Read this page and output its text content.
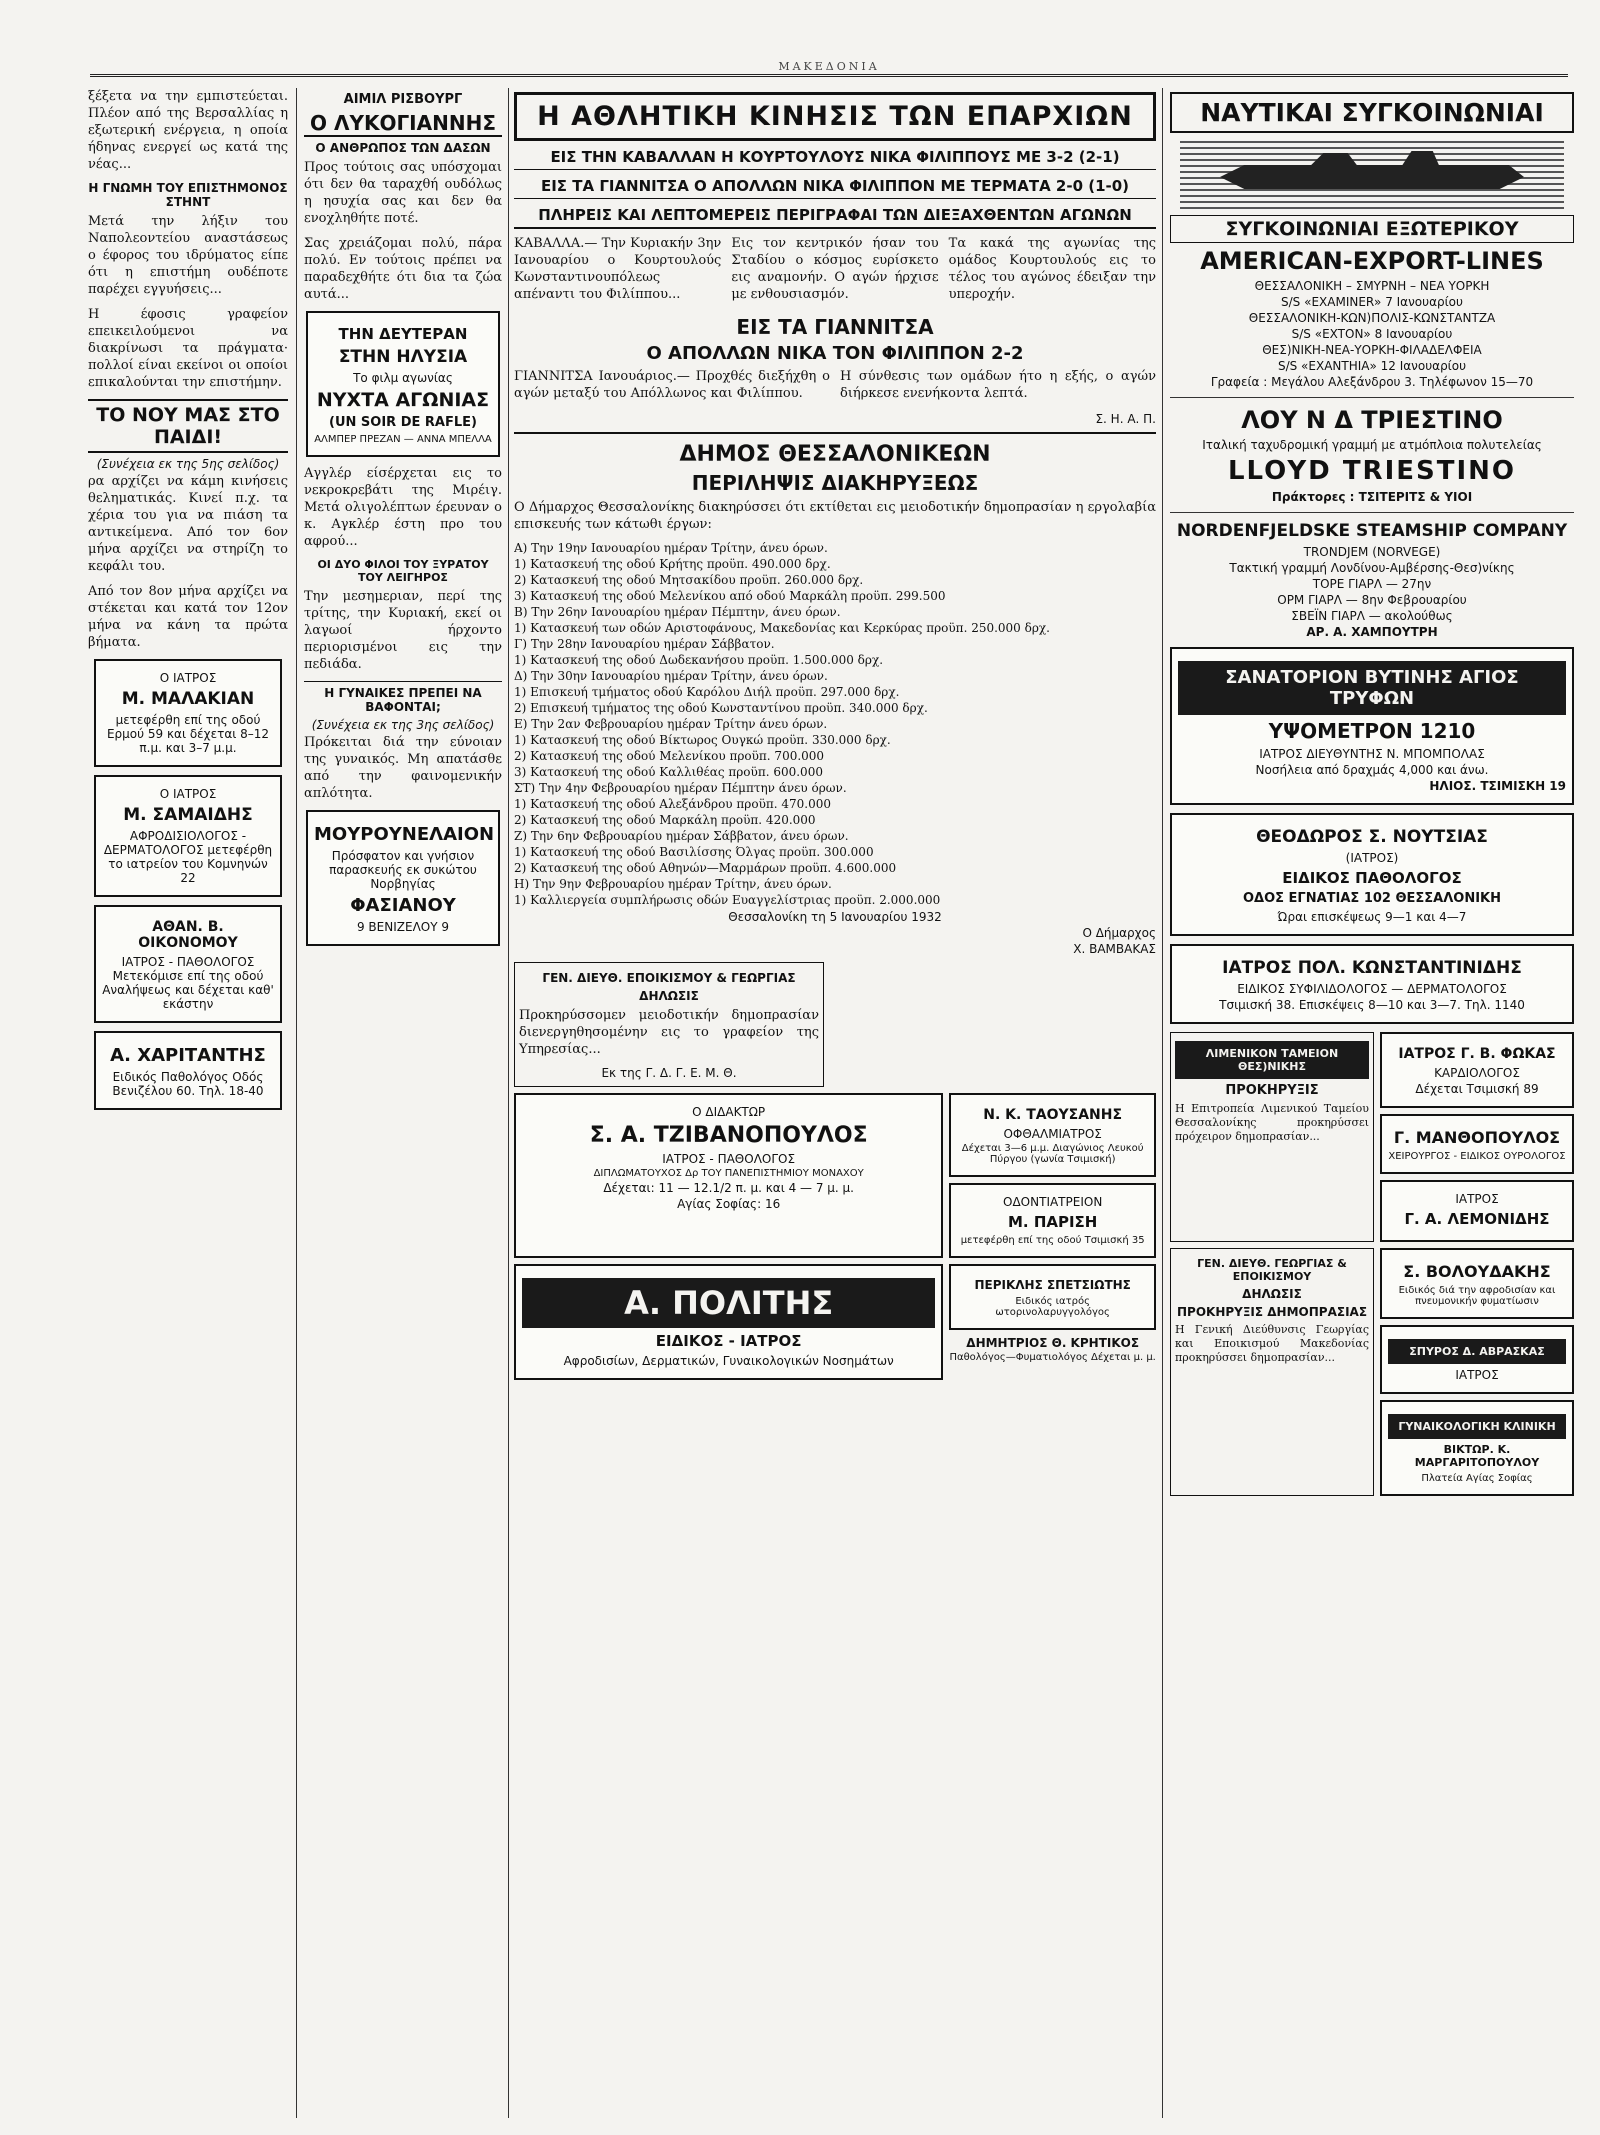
ΜΑΚΕΔΟΝΙΑ

ξέξετα να την εμπιστεύεται. Πλέον από της Βερσαλλίας η εξωτερική ενέργεια, η οποία ήδηνας ενεργεί ως κατά της νέας...

Η ΓΝΩΜΗ ΤΟΥ ΕΠΙΣΤΗΜΟΝΟΣ ΣΤΗΝΤ

Μετά την λήξιν του Ναπολεοντείου αναστάσεως ο έφορος του ιδρύματος είπε ότι η επιστήμη ουδέποτε παρέχει εγγυήσεις...

Η έφοσις γραφείον επεικειλούμενοι να διακρίνωσι τα πράγματα· πολλοί είναι εκείνοι οι οποίοι επικαλούνται την επιστήμην.

ΤΟ ΝΟΥ ΜΑΣ ΣΤΟ ΠΑΙΔΙ!
(Συνέχεια εκ της 5ης σελίδος)

ρα αρχίζει να κάμη κινήσεις θεληματικάς. Κινεί π.χ. τα χέρια του για να πιάση τα αντικείμενα. Από τον 6ον μήνα αρχίζει να στηρίζη το κεφάλι του.

Από τον 8ον μήνα αρχίζει να στέκεται και κατά τον 12ον μήνα να κάνη τα πρώτα βήματα.

Ο ΙΑΤΡΟΣ
Μ. ΜΑΛΑΚΙΑΝ
μετεφέρθη επί της οδού Ερμού 59 και δέχεται 8–12 π.μ. και 3–7 μ.μ.
Ο ΙΑΤΡΟΣ
Μ. ΣΑΜΑΙΔΗΣ
ΑΦΡΟΔΙΣΙΟΛΟΓΟΣ - ΔΕΡΜΑΤΟΛΟΓΟΣ μετεφέρθη το ιατρείον του Κομνηνών 22
ΑΘΑΝ. Β. ΟΙΚΟΝΟΜΟΥ
ΙΑΤΡΟΣ - ΠΑΘΟΛΟΓΟΣ Μετεκόμισε επί της οδού Αναλήψεως και δέχεται καθ' εκάστην
Α. ΧΑΡΙΤΑΝΤΗΣ
Ειδικός Παθολόγος Οδός Βενιζέλου 60. Τηλ. 18-40
ΑΙΜΙΛ ΡΙΣΒΟΥΡΓ
Ο ΛΥΚΟΓΙΑΝΝΗΣ
Ο ΑΝΘΡΩΠΟΣ ΤΩΝ ΔΑΣΩΝ

Προς τούτοις σας υπόσχομαι ότι δεν θα ταραχθή ουδόλως η ησυχία σας και δεν θα ενοχληθήτε ποτέ.

Σας χρειάζομαι πολύ, πάρα πολύ. Εν τούτοις πρέπει να παραδεχθήτε ότι δια τα ζώα αυτά...

ΤΗΝ ΔΕΥΤΕΡΑΝ
ΣΤΗΝ ΗΛΥΣΙΑ
Το φιλμ αγωνίας
ΝΥΧΤΑ ΑΓΩΝΙΑΣ
(UN SOIR DE RAFLE)
ΑΛΜΠΕΡ ΠΡΕΖΑΝ — ΑΝΝΑ ΜΠΕΛΛΑ

Αγγλέρ είσέρχεται εις το νεκροκρεβάτι της Μιρέιγ. Μετά ολιγολέπτων έρευναν ο κ. Αγκλέρ έστη προ του αφρού...

ΟΙ ΔΥΟ ΦΙΛΟΙ ΤΟΥ ΞΥΡΑΤΟΥ ΤΟΥ ΛΕΙΓΗΡΟΣ

Την μεσημεριαν, περί της τρίτης, την Κυριακή, εκεί οι λαγωοί ήρχοντο περιορισμένοι εις την πεδιάδα.

Η ΓΥΝΑΙΚΕΣ ΠΡΕΠΕΙ ΝΑ ΒΑΦΟΝΤΑΙ;
(Συνέχεια εκ της 3ης σελίδος)

Πρόκειται διά την εύνοιαν της γυναικός. Μη απατάσθε από την φαινομενικήν απλότητα.

ΜΟΥΡΟΥΝΕΛΑΙΟΝ
Πρόσφατον και γνήσιον παρασκευής εκ συκώτου Νορβηγίας
ΦΑΣΙΑΝΟΥ
9 ΒΕΝΙΖΕΛΟΥ 9
Η ΑΘΛΗΤΙΚΗ ΚΙΝΗΣΙΣ ΤΩΝ ΕΠΑΡΧΙΩΝ
ΕΙΣ ΤΗΝ ΚΑΒΑΛΛΑΝ Η ΚΟΥΡΤΟΥΛΟΥΣ ΝΙΚΑ ΦΙΛΙΠΠΟΥΣ ΜΕ 3-2 (2-1)
ΕΙΣ ΤΑ ΓΙΑΝΝΙΤΣΑ Ο ΑΠΟΛΛΩΝ ΝΙΚΑ ΦΙΛΙΠΠΟΝ ΜΕ ΤΕΡΜΑΤΑ 2-0 (1-0)
ΠΛΗΡΕΙΣ ΚΑΙ ΛΕΠΤΟΜΕΡΕΙΣ ΠΕΡΙΓΡΑΦΑΙ ΤΩΝ ΔΙΕΞΑΧΘΕΝΤΩΝ ΑΓΩΝΩΝ

ΚΑΒΑΛΛΑ.— Την Κυριακήν 3ην Ιανουαρίου ο Κουρτουλούς Κωνσταντινουπόλεως απέναντι του Φιλίππου...

Εις τον κεντρικόν ήσαν του Σταδίου ο κόσμος ευρίσκετο εις αναμονήν. Ο αγών ήρχισε με ενθουσιασμόν.

Τα κακά της αγωνίας της ομάδος Κουρτουλούς εις το τέλος του αγώνος έδειξαν την υπεροχήν.

ΕΙΣ ΤΑ ΓΙΑΝΝΙΤΣΑ
Ο ΑΠΟΛΛΩΝ ΝΙΚΑ ΤΟΝ ΦΙΛΙΠΠΟΝ 2-2

ΓΙΑΝΝΙΤΣΑ Ιανουάριος.— Προχθές διεξήχθη ο αγών μεταξύ του Απόλλωνος και Φιλίππου.

Η σύνθεσις των ομάδων ήτο η εξής, ο αγών διήρκεσε ενενήκοντα λεπτά.

Σ. Η. Α. Π.
ΔΗΜΟΣ ΘΕΣΣΑΛΟΝΙΚΕΩΝ
ΠΕΡΙΛΗΨΙΣ ΔΙΑΚΗΡΥΞΕΩΣ

Ο Δήμαρχος Θεσσαλονίκης διακηρύσσει ότι εκτίθεται εις μειοδοτικήν δημοπρασίαν η εργολαβία επισκευής των κάτωθι έργων:

Α) Την 19ην Ιανουαρίου ημέραν Τρίτην, άνευ όρων.

1) Κατασκευή της οδού Κρήτης προϋπ. 490.000 δρχ.

2) Κατασκευή της οδού Μητσακίδου προϋπ. 260.000 δρχ.

3) Κατασκευή της οδού Μελενίκου από οδού Μαρκάλη προϋπ. 299.500

Β) Την 26ην Ιανουαρίου ημέραν Πέμπτην, άνευ όρων.

1) Κατασκευή των οδών Αριστοφάνους, Μακεδονίας και Κερκύρας προϋπ. 250.000 δρχ.

Γ) Την 28ην Ιανουαρίου ημέραν Σάββατον.

1) Κατασκευή της οδού Δωδεκανήσου προϋπ. 1.500.000 δρχ.

Δ) Την 30ην Ιανουαρίου ημέραν Τρίτην, άνευ όρων.

1) Επισκευή τμήματος οδού Καρόλου Διήλ προϋπ. 297.000 δρχ.

2) Επισκευή τμήματος της οδού Κωνσταντίνου προϋπ. 340.000 δρχ.

Ε) Την 2αν Φεβρουαρίου ημέραν Τρίτην άνευ όρων.

1) Κατασκευή της οδού Βίκτωρος Ουγκώ προϋπ. 330.000 δρχ.

2) Κατασκευή της οδού Μελενίκου προϋπ. 700.000

3) Κατασκευή της οδού Καλλιθέας προϋπ. 600.000

ΣΤ) Την 4ην Φεβρουαρίου ημέραν Πέμπτην άνευ όρων.

1) Κατασκευή της οδού Αλεξάνδρου προϋπ. 470.000

2) Κατασκευή της οδού Μαρκάλη προϋπ. 420.000

Ζ) Την 6ην Φεβρουαρίου ημέραν Σάββατον, άνευ όρων.

1) Κατασκευή της οδού Βασιλίσσης Όλγας προϋπ. 300.000

2) Κατασκευή της οδού Αθηνών—Μαρμάρων προϋπ. 4.600.000

Η) Την 9ην Φεβρουαρίου ημέραν Τρίτην, άνευ όρων.

1) Καλλιεργεία συμπλήρωσις οδών Ευαγγελίστριας προϋπ. 2.000.000

Θεσσαλονίκη τη 5 Ιανουαρίου 1932
Ο Δήμαρχος
Χ. ΒΑΜΒΑΚΑΣ
ΓΕΝ. ΔΙΕΥΘ. ΕΠΟΙΚΙΣΜΟΥ & ΓΕΩΡΓΙΑΣ
ΔΗΛΩΣΙΣ

Προκηρύσσομεν μειοδοτικήν δημοπρασίαν διενεργηθησομένην εις το γραφείον της Υπηρεσίας...

Εκ της Γ. Δ. Γ. Ε. Μ. Θ.
Ο ΔΙΔΑΚΤΩΡ
Σ. Α. ΤΖΙΒΑΝΟΠΟΥΛΟΣ
ΙΑΤΡΟΣ - ΠΑΘΟΛΟΓΟΣ
ΔΙΠΛΩΜΑΤΟΥΧΟΣ Δρ ΤΟΥ ΠΑΝΕΠΙΣΤΗΜΙΟΥ ΜΟΝΑΧΟΥ
Δέχεται: 11 — 12.1/2 π. μ. και 4 — 7 μ. μ.
Αγίας Σοφίας: 16
Ν. Κ. ΤΑΟΥΣΑΝΗΣ
ΟΦΘΑΛΜΙΑΤΡΟΣ
Δέχεται 3—6 μ.μ. Διαγώνιος Λευκού Πύργου (γωνία Τσιμισκή)
ΟΔΟΝΤΙΑΤΡΕΙΟΝ
Μ. ΠΑΡΙΣΗ
μετεφέρθη επί της οδού Τσιμισκή 35
Α. ΠΟΛΙΤΗΣ
ΕΙΔΙΚΟΣ - ΙΑΤΡΟΣ
Αφροδισίων, Δερματικών, Γυναικολογικών Νοσημάτων
ΠΕΡΙΚΛΗΣ ΣΠΕΤΣΙΩΤΗΣ
Ειδικός ιατρός ωτορινολαρυγγολόγος
ΔΗΜΗΤΡΙΟΣ Θ. ΚΡΗΤΙΚΟΣ
Παθολόγος—Φυματιολόγος Δέχεται μ. μ.
ΝΑΥΤΙΚΑΙ ΣΥΓΚΟΙΝΩΝΙΑΙ
ΣΥΓΚΟΙΝΩΝΙΑΙ ΕΞΩΤΕΡΙΚΟΥ
AMERICAN-EXPORT-LINES
ΘΕΣΣΑΛΟΝΙΚΗ – ΣΜΥΡΝΗ – ΝΕΑ ΥΟΡΚΗ
S/S «EXAMINER» 7 Ιανουαρίου
ΘΕΣΣΑΛΟΝΙΚΗ-ΚΩΝ)ΠΟΛΙΣ-ΚΩΝΣΤΑΝΤΖΑ
S/S «EXTON» 8 Ιανουαρίου
ΘΕΣ)ΝΙΚΗ-ΝΕΑ-ΥΟΡΚΗ-ΦΙΛΑΔΕΛΦΕΙΑ
S/S «EXANTHIA» 12 Ιανουαρίου
Γραφεία : Μεγάλου Αλεξάνδρου 3. Τηλέφωνον 15—70
ΛΟΥ Ν Δ ΤΡΙΕΣΤΙΝΟ
Ιταλική ταχυδρομική γραμμή με ατμόπλοια πολυτελείας
LLOYD TRIESTINO
Πράκτορες : ΤΣΙΤΕΡΙΤΣ & ΥΙΟΙ
NORDENFJELDSKE STEAMSHIP COMPANY
TRONDJEM (NORVEGE)
Τακτική γραμμή Λονδίνου-Αμβέρσης-Θεσ)νίκης
ΤΟΡΕ ΓΙΑΡΛ — 27ην
ΟΡΜ ΓΙΑΡΛ — 8ην Φεβρουαρίου
ΣΒΕΪΝ ΓΙΑΡΛ — ακολούθως
ΑΡ. Α. ΧΑΜΠΟΥΤΡΗ
ΣΑΝΑΤΟΡΙΟΝ ΒΥΤΙΝΗΣ ΑΓΙΟΣ ΤΡΥΦΩΝ
ΥΨΟΜΕΤΡΟΝ 1210
ΙΑΤΡΟΣ ΔΙΕΥΘΥΝΤΗΣ Ν. ΜΠΟΜΠΟΛΑΣ
Νοσήλεια από δραχμάς 4,000 και άνω.
ΗΛΙΟΣ. ΤΣΙΜΙΣΚΗ 19
ΘΕΟΔΩΡΟΣ Σ. ΝΟΥΤΣΙΑΣ
(ΙΑΤΡΟΣ)
ΕΙΔΙΚΟΣ ΠΑΘΟΛΟΓΟΣ
ΟΔΟΣ ΕΓΝΑΤΙΑΣ 102 ΘΕΣΣΑΛΟΝΙΚΗ
Ώραι επισκέψεως 9—1 και 4—7
ΙΑΤΡΟΣ ΠΟΛ. ΚΩΝΣΤΑΝΤΙΝΙΔΗΣ
ΕΙΔΙΚΟΣ ΣΥΦΙΛΙΔΟΛΟΓΟΣ — ΔΕΡΜΑΤΟΛΟΓΟΣ
Τσιμισκή 38. Επισκέψεις 8—10 και 3—7. Τηλ. 1140
ΛΙΜΕΝΙΚΟΝ ΤΑΜΕΙΟΝ ΘΕΣ)ΝΙΚΗΣ
ΠΡΟΚΗΡΥΞΙΣ

Η Επιτροπεία Λιμενικού Ταμείου Θεσσαλονίκης προκηρύσσει πρόχειρον δημοπρασίαν...

ΙΑΤΡΟΣ Γ. Β. ΦΩΚΑΣ
ΚΑΡΔΙΟΛΟΓΟΣ
Δέχεται Τσιμισκή 89
Γ. ΜΑΝΘΟΠΟΥΛΟΣ
ΧΕΙΡΟΥΡΓΟΣ - ΕΙΔΙΚΟΣ ΟΥΡΟΛΟΓΟΣ
ΙΑΤΡΟΣ
Γ. Α. ΛΕΜΟΝΙΔΗΣ
ΓΕΝ. ΔΙΕΥΘ. ΓΕΩΡΓΙΑΣ & ΕΠΟΙΚΙΣΜΟΥ
ΔΗΛΩΣΙΣ
ΠΡΟΚΗΡΥΞΙΣ ΔΗΜΟΠΡΑΣΙΑΣ

Η Γενική Διεύθυνσις Γεωργίας και Εποικισμού Μακεδονίας προκηρύσσει δημοπρασίαν...

Σ. ΒΟΛΟΥΔΑΚΗΣ
Ειδικός διά την αφροδισίαν και πνευμονικήν φυματίωσιν
ΣΠΥΡΟΣ Δ. ΑΒΡΑΣΚΑΣ
ΙΑΤΡΟΣ
ΓΥΝΑΙΚΟΛΟΓΙΚΗ ΚΛΙΝΙΚΗ
ΒΙΚΤΩΡ. Κ. ΜΑΡΓΑΡΙΤΟΠΟΥΛΟΥ
Πλατεία Αγίας Σοφίας
